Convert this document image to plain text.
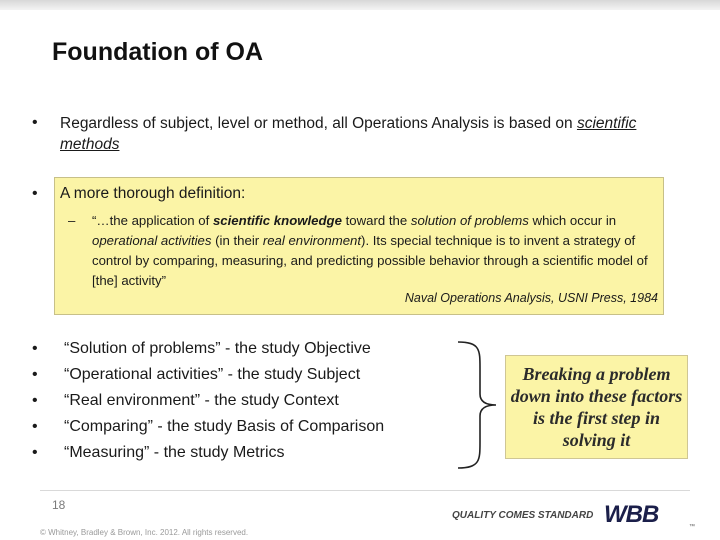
Foundation of OA
• Regardless of subject, level or method, all Operations Analysis is based on scientific methods
• A more thorough definition:
– “…the application of scientific knowledge toward the solution of problems which occur in operational activities (in their real environment). Its special technique is to invent a strategy of control by comparing, measuring, and predicting possible behavior through a scientific model of [the] activity”

Naval Operations Analysis, USNI Press, 1984
• “Solution of problems” - the study Objective
• “Operational activities” - the study Subject
• “Real environment” - the study Context
• “Comparing” - the study Basis of Comparison
• “Measuring” - the study Metrics
Breaking a problem down into these factors is the first step in solving it
18
© Whitney, Bradley & Brown, Inc. 2012. All rights reserved.
QUALITY COMES STANDARD WBB	™
